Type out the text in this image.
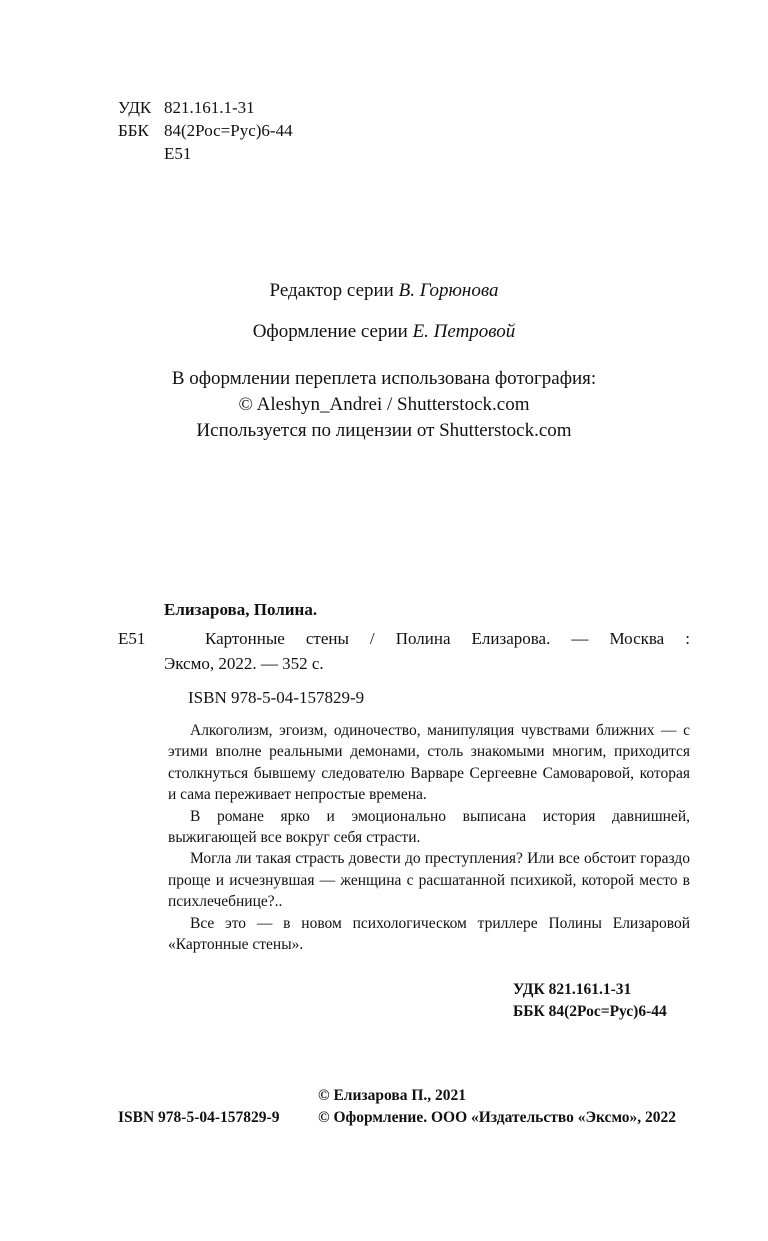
УДК 821.161.1-31
ББК 84(2Рос=Рус)6-44
Е51
Редактор серии В. Горюнова
Оформление серии Е. Петровой
В оформлении переплета использована фотография:
© Aleshyn_Andrei / Shutterstock.com
Используется по лицензии от Shutterstock.com
Елизарова, Полина.
Е51	Картонные стены / Полина Елизарова. — Москва :
Эксмо, 2022. — 352 с.
ISBN 978-5-04-157829-9

Алкоголизм, эгоизм, одиночество, манипуляция чувствами ближних — с этими вполне реальными демонами, столь знакомыми многим, приходится столкнуться бывшему следователю Варваре Сергеевне Самоваровой, которая и сама переживает непростые времена.

В романе ярко и эмоционально выписана история давнишней, выжигающей все вокруг себя страсти.

Могла ли такая страсть довести до преступления? Или все обстоит гораздо проще и исчезнувшая — женщина с расшатанной психикой, которой место в психлечебнице?..

Все это — в новом психологическом триллере Полины Елизаровой «Картонные стены».

УДК 821.161.1-31
ББК 84(2Рос=Рус)6-44
© Елизарова П., 2021
ISBN 978-5-04-157829-9 © Оформление. ООО «Издательство «Эксмо», 2022
